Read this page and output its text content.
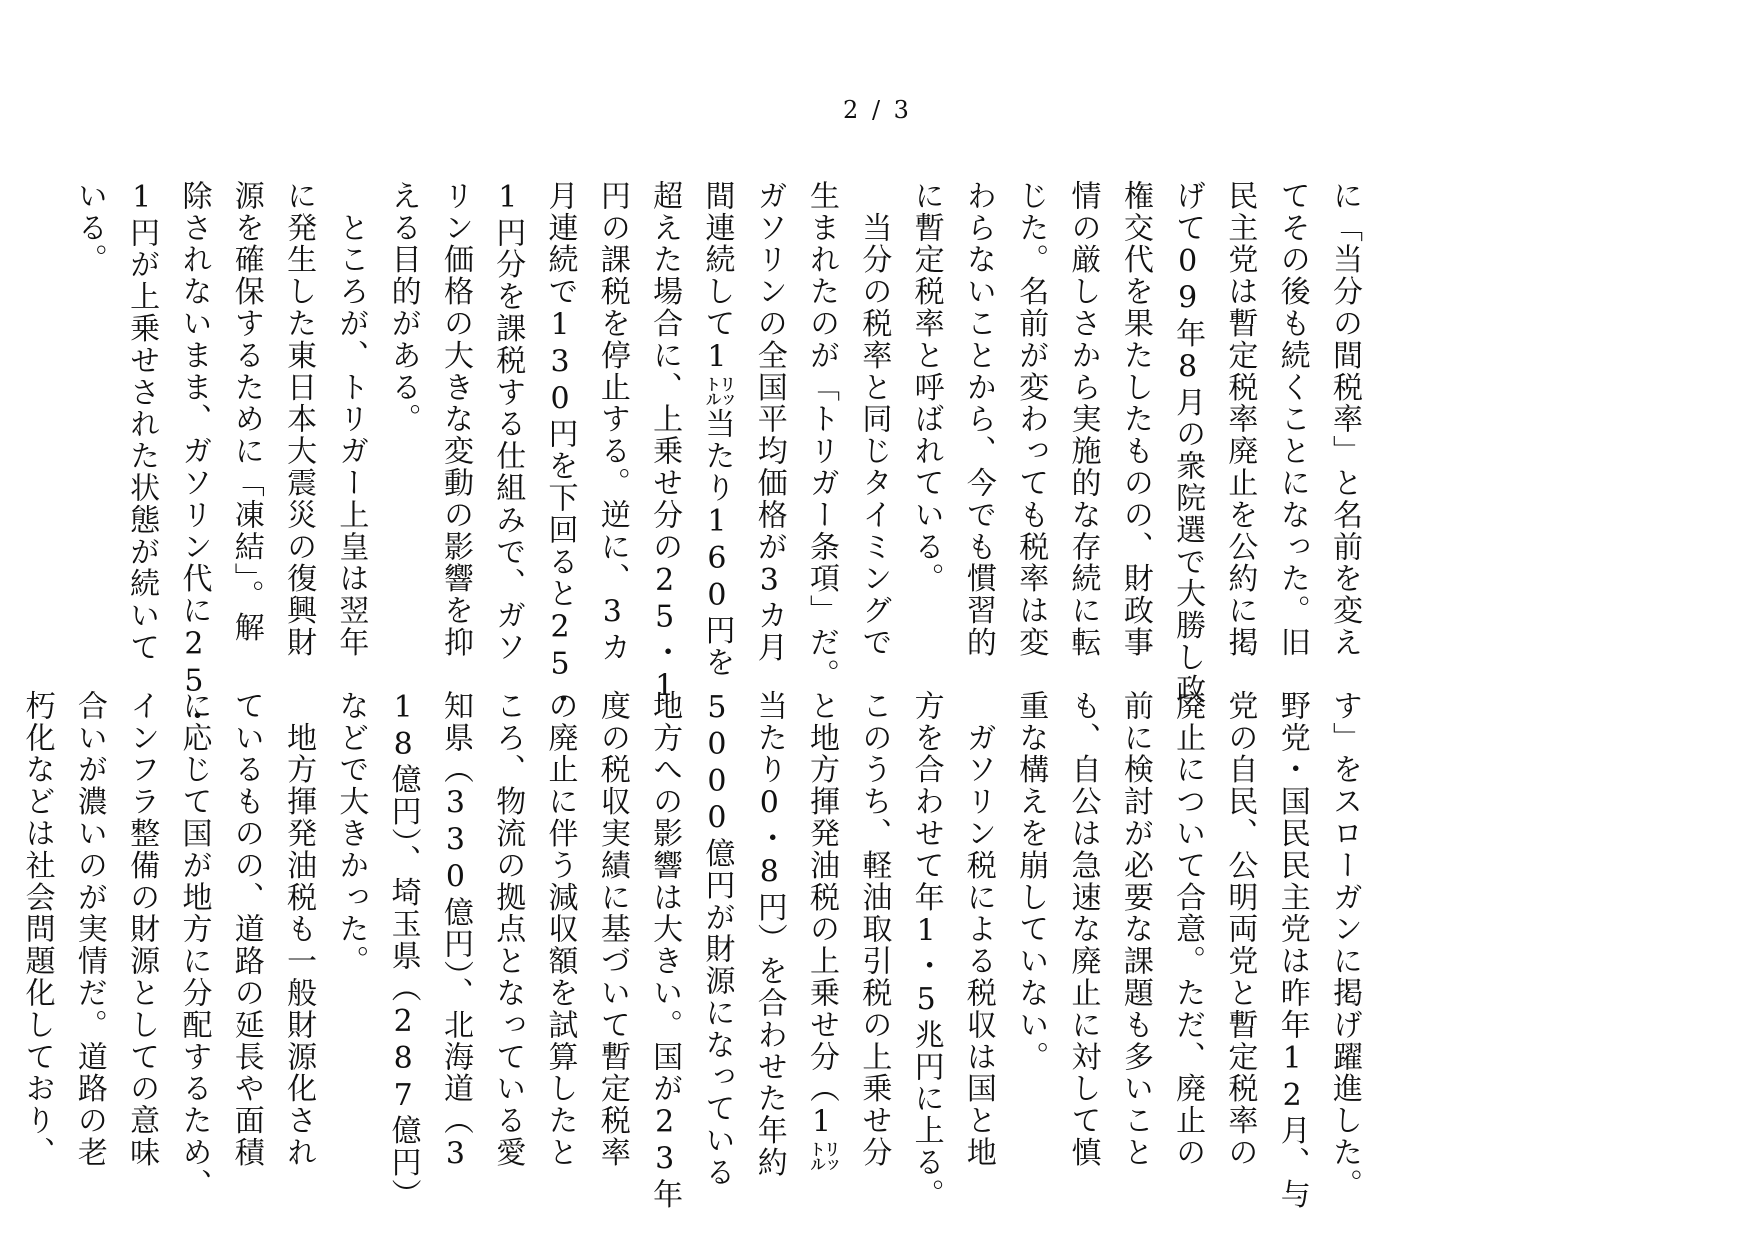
2 / 3
に「当分の間税率」と名前を変え
てその後も続くことになった。旧
民主党は暫定税率廃止を公約に掲
げて09年8月の衆院選で大勝し政
権交代を果たしたものの、財政事
情の厳しさから実施的な存続に転
じた。名前が変わっても税率は変
わらないことから、今でも慣習的
に暫定税率と呼ばれている。
　当分の税率と同じタイミングで
生まれたのが「トリガー条項」だ。
ガソリンの全国平均価格が3カ月
間連続して1㍑当たり160円を
超えた場合に、上乗せ分の25・1
円の課税を停止する。逆に、3カ
月連続で130円を下回ると25・
1円分を課税する仕組みで、ガソ
リン価格の大きな変動の影響を抑
える目的がある。
　ところが、トリガー上皇は翌年
に発生した東日本大震災の復興財
源を確保するために「凍結」。解
除されないまま、ガソリン代に25・
1円が上乗せされた状態が続いて
いる。
す」をスローガンに掲げ躍進した。
野党・国民民主党は昨年12月、与
党の自民、公明両党と暫定税率の
廃止について合意。ただ、廃止の
前に検討が必要な課題も多いこと
も、自公は急速な廃止に対して慎
重な構えを崩していない。
　ガソリン税による税収は国と地
方を合わせて年1・5兆円に上る。
このうち、軽油取引税の上乗せ分
と地方揮発油税の上乗せ分（1㍑
当たり0・8円）を合わせた年約
5000億円が財源になっている
地方への影響は大きい。国が23年
度の税収実績に基づいて暫定税率
の廃止に伴う減収額を試算したと
ころ、物流の拠点となっている愛
知県（330億円）、北海道（3
18億円）、埼玉県（287億円）
などで大きかった。
　地方揮発油税も一般財源化され
ているものの、道路の延長や面積
に応じて国が地方に分配するため、
インフラ整備の財源としての意味
合いが濃いのが実情だ。道路の老
朽化などは社会問題化しており、
